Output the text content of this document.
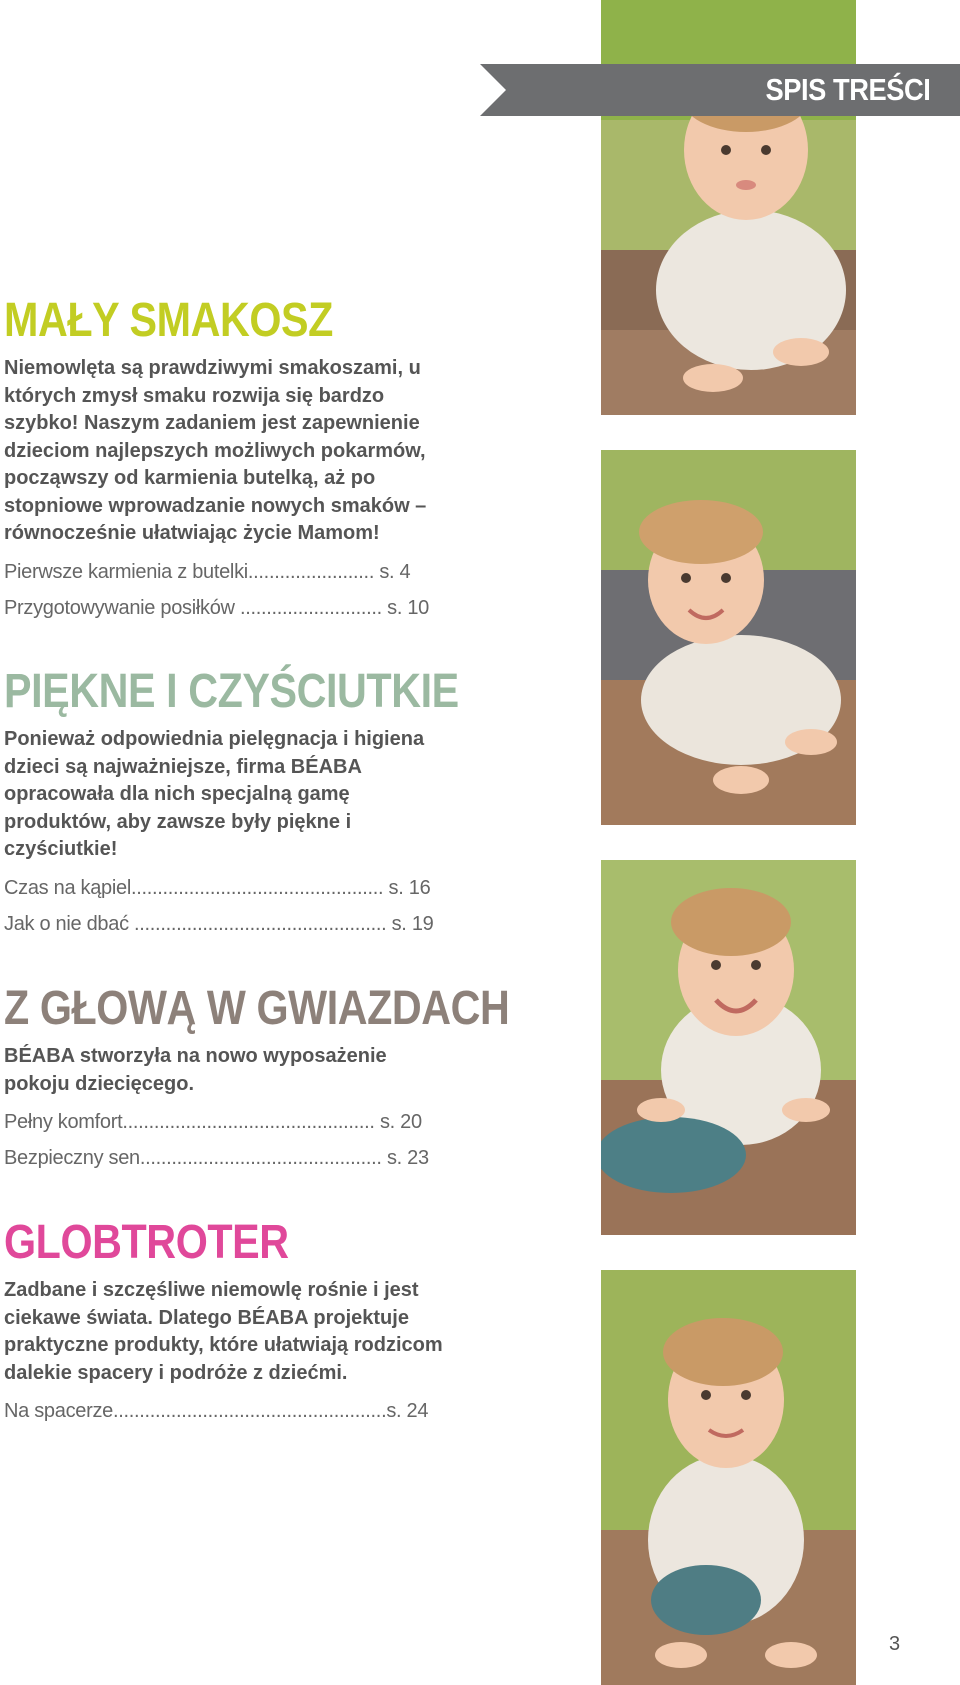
SPIS TREŚCI
MAŁY SMAKOSZ

Niemowlęta są prawdziwymi smakoszami, u których zmysł smaku rozwija się bardzo szybko! Naszym zadaniem jest zapewnienie dzieciom najlepszych możliwych pokarmów, począwszy od karmienia butelką, aż po stopniowe wprowadzanie nowych smaków – równocześnie ułatwiając życie Mamom!

Pierwsze karmienia z butelki........................ s. 4
Przygotowywanie posiłków ........................... s. 10
PIĘKNE I CZYŚCIUTKIE

Ponieważ odpowiednia pielęgnacja i higiena dzieci są najważniejsze, firma BÉABA opracowała dla nich specjalną gamę produktów, aby zawsze były piękne i czyściutkie!

Czas na kąpiel................................................ s. 16
Jak o nie dbać ................................................ s. 19
Z GŁOWĄ W GWIAZDACH

BÉABA stworzyła na nowo wyposażenie pokoju dziecięcego.

Pełny komfort................................................ s. 20
Bezpieczny sen.............................................. s. 23
GLOBTROTER

Zadbane i szczęśliwe niemowlę rośnie i jest ciekawe świata. Dlatego BÉABA projektuje praktyczne produkty, które ułatwiają rodzicom dalekie spacery i podróże z dziećmi.

Na spacerze....................................................s. 24
3
